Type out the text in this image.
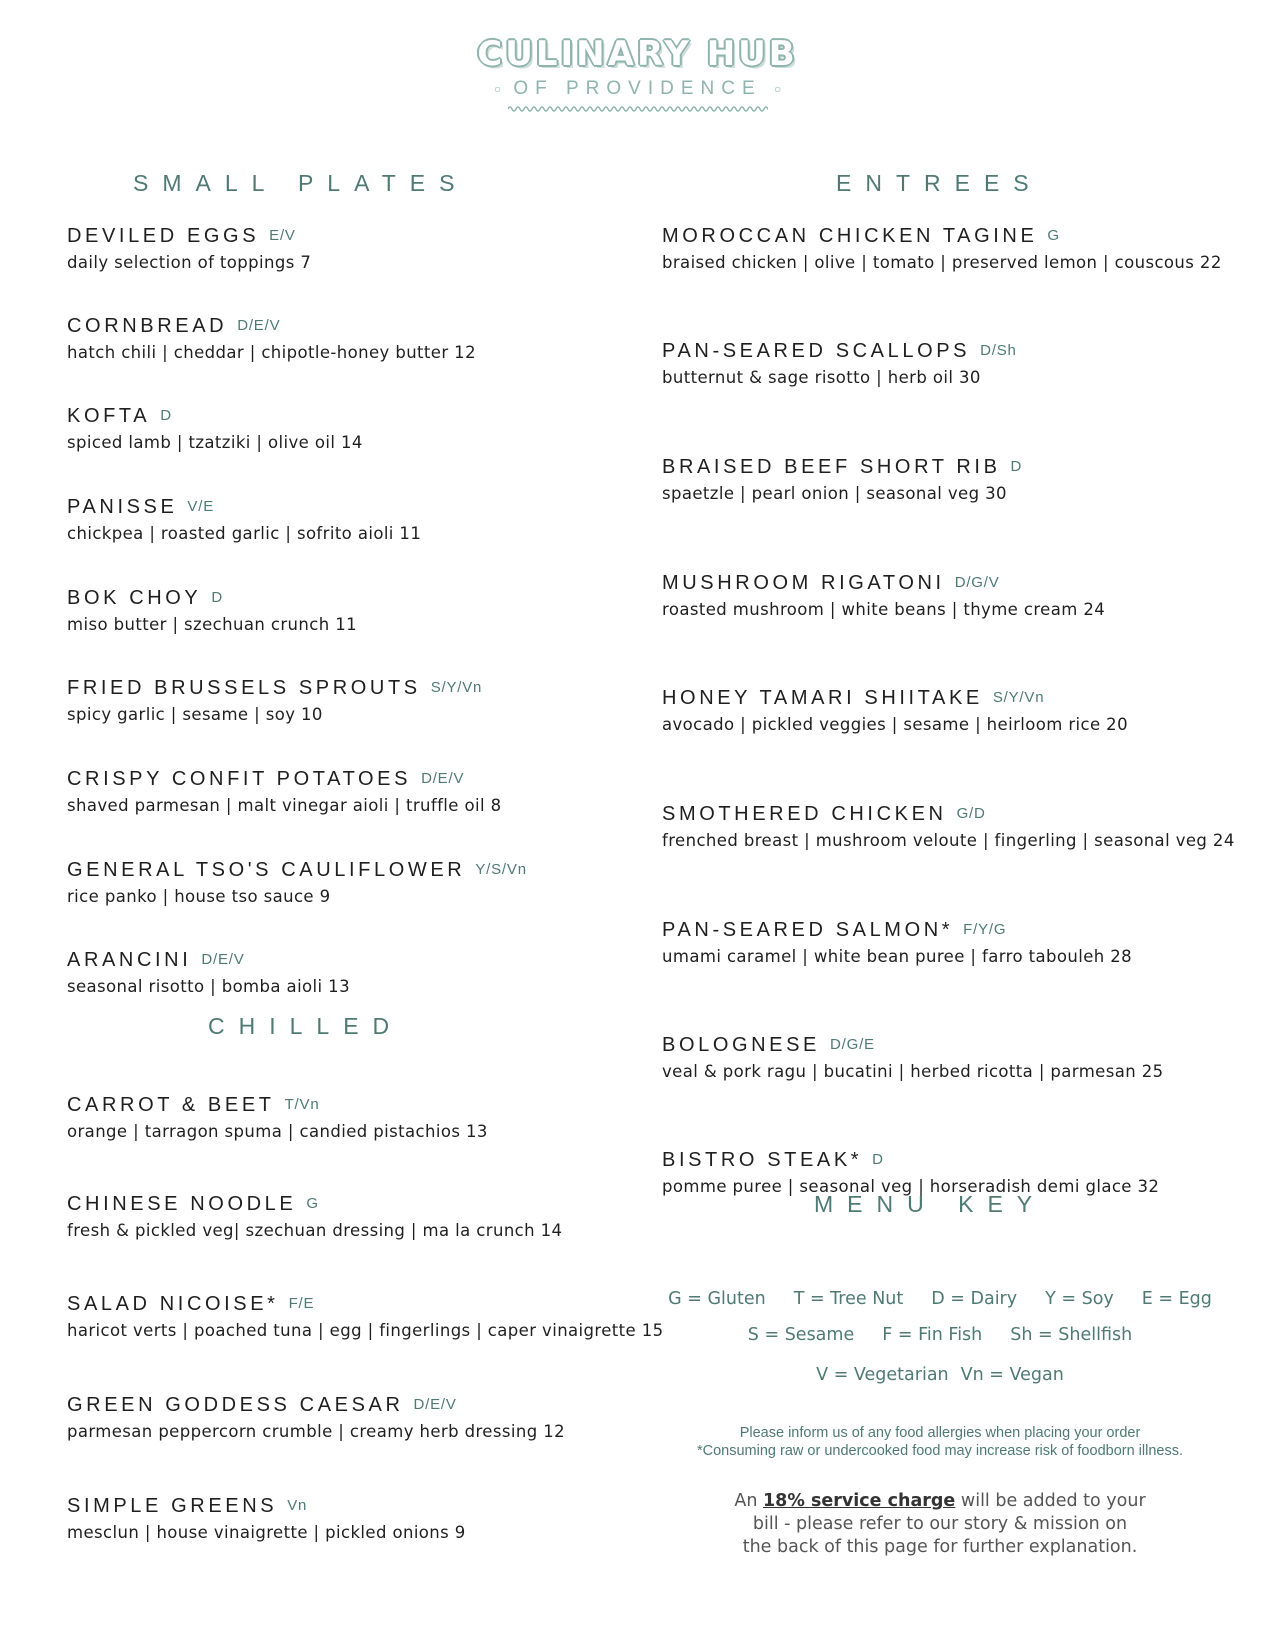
CULINARY HUB
○ OF PROVIDENCE ○
SMALL PLATES	ENTREES
CHILLED
MENU KEY
DEVILED EGGS E/V
daily selection of toppings 7
CORNBREAD D/E/V
hatch chili | cheddar | chipotle-honey butter 12
KOFTA D
spiced lamb | tzatziki | olive oil 14
PANISSE V/E
chickpea | roasted garlic | sofrito aioli 11
BOK CHOY D
miso butter | szechuan crunch 11
FRIED BRUSSELS SPROUTS S/Y/Vn
spicy garlic | sesame | soy 10
CRISPY CONFIT POTATOES D/E/V
shaved parmesan | malt vinegar aioli | truffle oil 8
GENERAL TSO'S CAULIFLOWER Y/S/Vn
rice panko | house tso sauce 9
ARANCINI D/E/V
seasonal risotto | bomba aioli 13
CARROT & BEET T/Vn
orange | tarragon spuma | candied pistachios 13
CHINESE NOODLE G
fresh & pickled veg| szechuan dressing | ma la crunch 14
SALAD NICOISE* F/E
haricot verts | poached tuna | egg | fingerlings | caper vinaigrette 15
GREEN GODDESS CAESAR D/E/V
parmesan peppercorn crumble | creamy herb dressing 12
SIMPLE GREENS Vn
mesclun | house vinaigrette | pickled onions 9
MOROCCAN CHICKEN TAGINE G
braised chicken | olive | tomato | preserved lemon | couscous 22
PAN-SEARED SCALLOPS D/Sh
butternut & sage risotto | herb oil 30
BRAISED BEEF SHORT RIB D
spaetzle | pearl onion | seasonal veg 30
MUSHROOM RIGATONI D/G/V
roasted mushroom | white beans | thyme cream 24
HONEY TAMARI SHIITAKE S/Y/Vn
avocado | pickled veggies | sesame | heirloom rice 20
SMOTHERED CHICKEN G/D
frenched breast | mushroom veloute | fingerling | seasonal veg 24
PAN-SEARED SALMON* F/Y/G
umami caramel | white bean puree | farro tabouleh 28
BOLOGNESE D/G/E
veal & pork ragu | bucatini | herbed ricotta | parmesan 25
BISTRO STEAK* D
pomme puree | seasonal veg | horseradish demi glace 32
G = Gluten T = Tree Nut D = Dairy Y = Soy E = Egg
S = Sesame F = Fin Fish Sh = Shellfish
V = Vegetarian Vn = Vegan
Please inform us of any food allergies when placing your order
*Consuming raw or undercooked food may increase risk of foodborn illness.
An 18% service charge will be added to your
bill - please refer to our story & mission on
the back of this page for further explanation.
